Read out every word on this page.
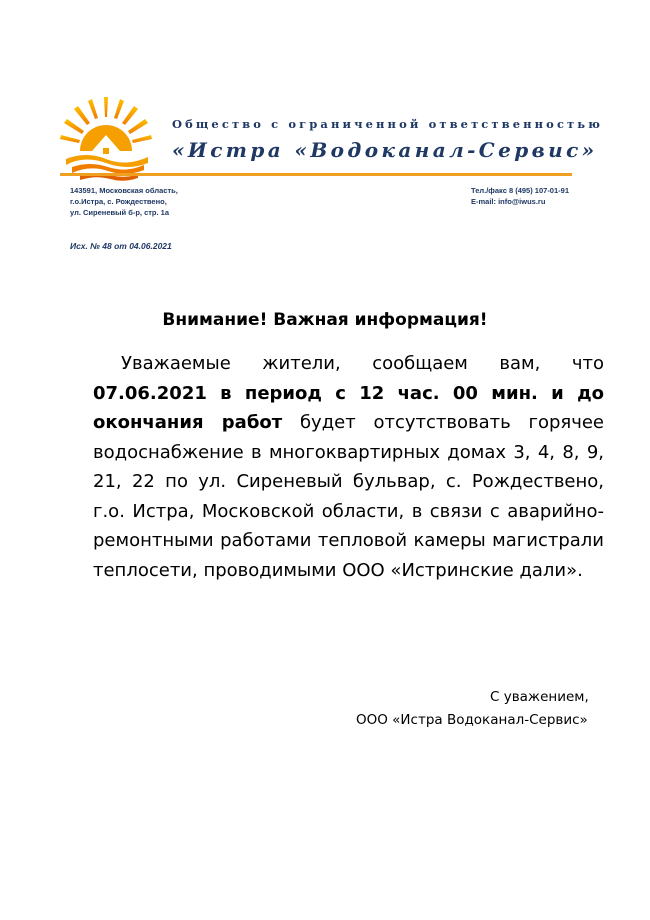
Общество с ограниченной ответственностью
«Истра «Водоканал-Сервис»
143591, Московская область,
г.о.Истра, с. Рождествено,
ул. Сиреневый б-р, стр. 1а
Тел./факс 8 (495) 107-01-91
E-mail: info@iwus.ru
Исх. № 48 от 04.06.2021
Внимание! Важная информация!

Уважаемые жители, сообщаем вам, что 07.06.2021 в период с 12 час. 00 мин. и до окончания работ будет отсутствовать горячее водоснабжение в многоквартирных домах 3, 4, 8, 9, 21, 22 по ул. Сиреневый бульвар, с. Рождествено, г.о. Истра, Московской области, в связи с аварийно-ремонтными работами тепловой камеры магистрали теплосети, проводимыми ООО «Истринские дали».

С уважением,
ООО «Истра Водоканал-Сервис»
